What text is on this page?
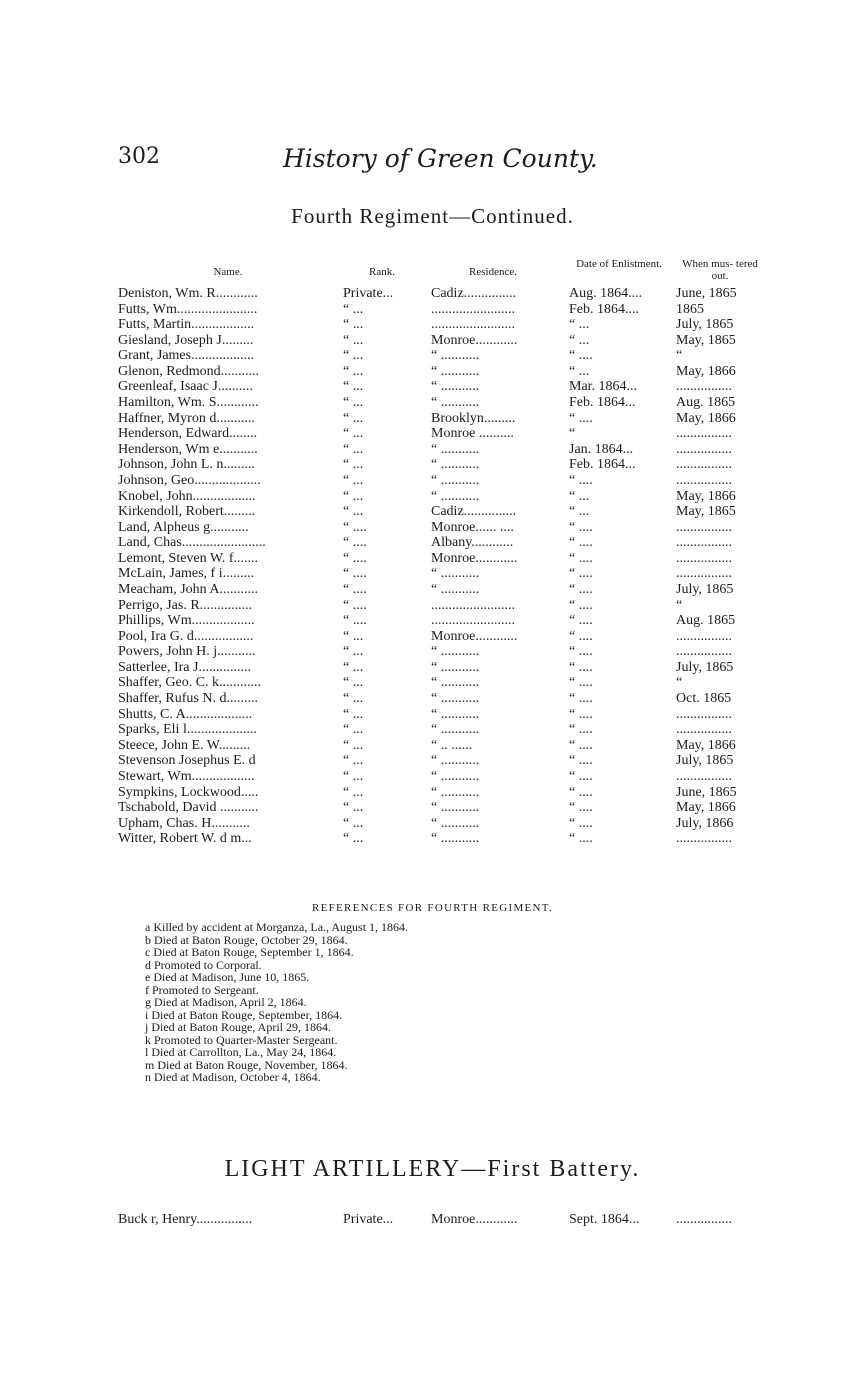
302	History of Green County.
Fourth Regiment—Continued.
Name.	Rank.	Residence.
Date of Enlistment.	When mus- tered out.
Deniston, Wm. R............	Private...	Cadiz...............	Aug. 1864....	June, 1865
Futts, Wm.......................	“ ...	........................	Feb. 1864....	1865
Futts, Martin..................	“ ...	........................	“ ...	July, 1865
Giesland, Joseph J.........	“ ...	Monroe............	“ ...	May, 1865
Grant, James..................	“ ...	“ ...........	“ ....	“
Glenon, Redmond...........	“ ...	“ ...........	“ ...	May, 1866
Greenleaf, Isaac J..........	“ ...	“ ...........	Mar. 1864...	................
Hamilton, Wm. S............	“ ...	“ ...........	Feb. 1864...	Aug. 1865
Haffner, Myron d...........	“ ...	Brooklyn.........	“ ....	May, 1866
Henderson, Edward........	“ ...	Monroe ..........	“	................
Henderson, Wm e...........	“ ...	“ ...........	Jan. 1864...	................
Johnson, John L. n.........	“ ...	“ ...........	Feb. 1864...	................
Johnson, Geo...................	“ ...	“ ...........	“ ....	................
Knobel, John..................	“ ...	“ ...........	“ ...	May, 1866
Kirkendoll, Robert.........	“ ...	Cadiz...............	“ ...	May, 1865
Land, Alpheus g...........	“ ....	Monroe...... ....	“ ....	................
Land, Chas........................	“ ....	Albany............	“ ....	................
Lemont, Steven W. f.......	“ ....	Monroe............	“ ....	................
McLain, James, f i.........	“ ....	“ ...........	“ ....	................
Meacham, John A...........	“ ....	“ ...........	“ ....	July, 1865
Perrigo, Jas. R...............	“ ....	........................	“ ....	“
Phillips, Wm..................	“ ....	........................	“ ....	Aug. 1865
Pool, Ira G. d.................	“ ...	Monroe............	“ ....	................
Powers, John H. j...........	“ ...	“ ...........	“ ....	................
Satterlee, Ira J...............	“ ...	“ ...........	“ ....	July, 1865
Shaffer, Geo. C. k............	“ ...	“ ...........	“ ....	“
Shaffer, Rufus N. d.........	“ ...	“ ...........	“ ....	Oct. 1865
Shutts, C. A...................	“ ...	“ ...........	“ ....	................
Sparks, Eli l....................	“ ...	“ ...........	“ ....	................
Steece, John E. W.........	“ ...	“ .. ......	“ ....	May, 1866
Stevenson Josephus E. d	“ ...	“ ...........	“ ....	July, 1865
Stewart, Wm..................	“ ...	“ ...........	“ ....	................
Sympkins, Lockwood.....	“ ...	“ ...........	“ ....	June, 1865
Tschabold, David ...........	“ ...	“ ...........	“ ....	May, 1866
Upham, Chas. H...........	“ ...	“ ...........	“ ....	July, 1866
Witter, Robert W. d m...	“ ...	“ ...........	“ ....	................
REFERENCES FOR FOURTH REGIMENT.
a Killed by accident at Morganza, La., August 1, 1864.
b Died at Baton Rouge, October 29, 1864.
c Died at Baton Rouge, September 1, 1864.
d Promoted to Corporal.
e Died at Madison, June 10, 1865.
f Promoted to Sergeant.
g Died at Madison, April 2, 1864.
i Died at Baton Rouge, September, 1864.
j Died at Baton Rouge, April 29, 1864.
k Promoted to Quarter-Master Sergeant.
l Died at Carrollton, La., May 24, 1864.
m Died at Baton Rouge, November, 1864.
n Died at Madison, October 4, 1864.
LIGHT ARTILLERY—First Battery.
Buck r, Henry................	Private...	Monroe............	Sept. 1864...	................
